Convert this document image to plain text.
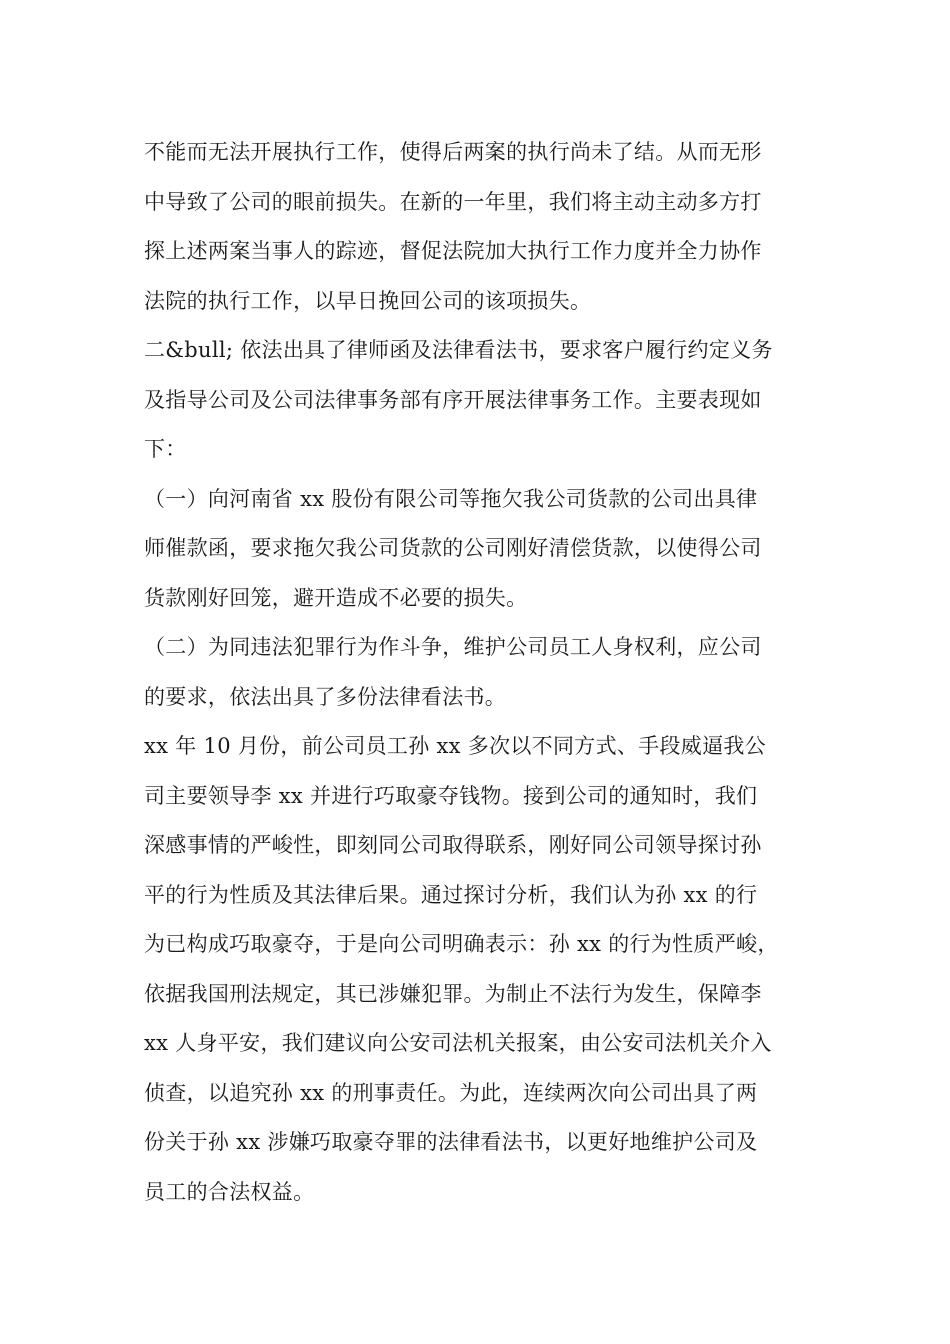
不能而无法开展执行工作，使得后两案的执行尚未了结。从而无形
中导致了公司的眼前损失。在新的一年里，我们将主动主动多方打
探上述两案当事人的踪迹，督促法院加大执行工作力度并全力协作
法院的执行工作，以早日挽回公司的该项损失。
二&bull; 依法出具了律师函及法律看法书，要求客户履行约定义务
及指导公司及公司法律事务部有序开展法律事务工作。主要表现如
下：
（一）向河南省 xx 股份有限公司等拖欠我公司货款的公司出具律
师催款函，要求拖欠我公司货款的公司刚好清偿货款，以使得公司
货款刚好回笼，避开造成不必要的损失。
（二）为同违法犯罪行为作斗争，维护公司员工人身权利，应公司
的要求，依法出具了多份法律看法书。
xx 年 10 月份，前公司员工孙 xx 多次以不同方式、手段威逼我公
司主要领导李 xx 并进行巧取豪夺钱物。接到公司的通知时，我们
深感事情的严峻性，即刻同公司取得联系，刚好同公司领导探讨孙
平的行为性质及其法律后果。通过探讨分析，我们认为孙 xx 的行
为已构成巧取豪夺，于是向公司明确表示：孙 xx 的行为性质严峻，
依据我国刑法规定，其已涉嫌犯罪。为制止不法行为发生，保障李
xx 人身平安，我们建议向公安司法机关报案，由公安司法机关介入
侦查，以追究孙 xx 的刑事责任。为此，连续两次向公司出具了两
份关于孙 xx 涉嫌巧取豪夺罪的法律看法书，以更好地维护公司及
员工的合法权益。
